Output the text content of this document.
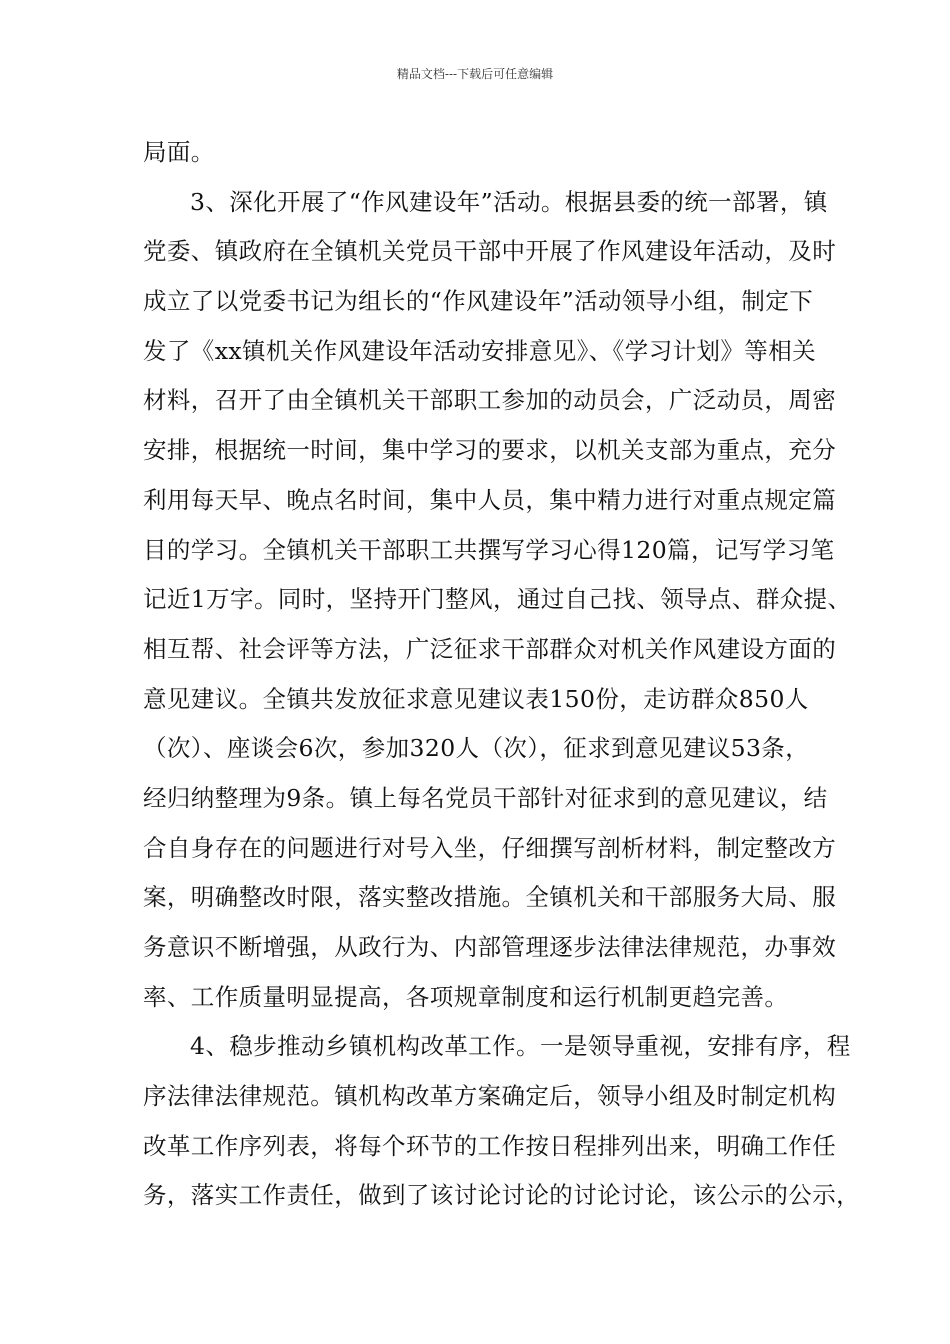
精品文档---下载后可任意编辑
局面。
3、深化开展了“作风建设年”活动。根据县委的统一部署，镇
党委、镇政府在全镇机关党员干部中开展了作风建设年活动，及时
成立了以党委书记为组长的“作风建设年”活动领导小组，制定下
发了《xx镇机关作风建设年活动安排意见》、《学习计划》等相关
材料，召开了由全镇机关干部职工参加的动员会，广泛动员，周密
安排，根据统一时间，集中学习的要求，以机关支部为重点，充分
利用每天早、晚点名时间，集中人员，集中精力进行对重点规定篇
目的学习。全镇机关干部职工共撰写学习心得120篇，记写学习笔
记近1万字。同时，坚持开门整风，通过自己找、领导点、群众提、
相互帮、社会评等方法，广泛征求干部群众对机关作风建设方面的
意见建议。全镇共发放征求意见建议表150份，走访群众850人
（次）、座谈会6次，参加320人（次），征求到意见建议53条，
经归纳整理为9条。镇上每名党员干部针对征求到的意见建议，结
合自身存在的问题进行对号入坐，仔细撰写剖析材料，制定整改方
案，明确整改时限，落实整改措施。全镇机关和干部服务大局、服
务意识不断增强，从政行为、内部管理逐步法律法律规范，办事效
率、工作质量明显提高，各项规章制度和运行机制更趋完善。
4、稳步推动乡镇机构改革工作。一是领导重视，安排有序，程
序法律法律规范。镇机构改革方案确定后，领导小组及时制定机构
改革工作序列表，将每个环节的工作按日程排列出来，明确工作任
务，落实工作责任，做到了该讨论讨论的讨论讨论，该公示的公示，
